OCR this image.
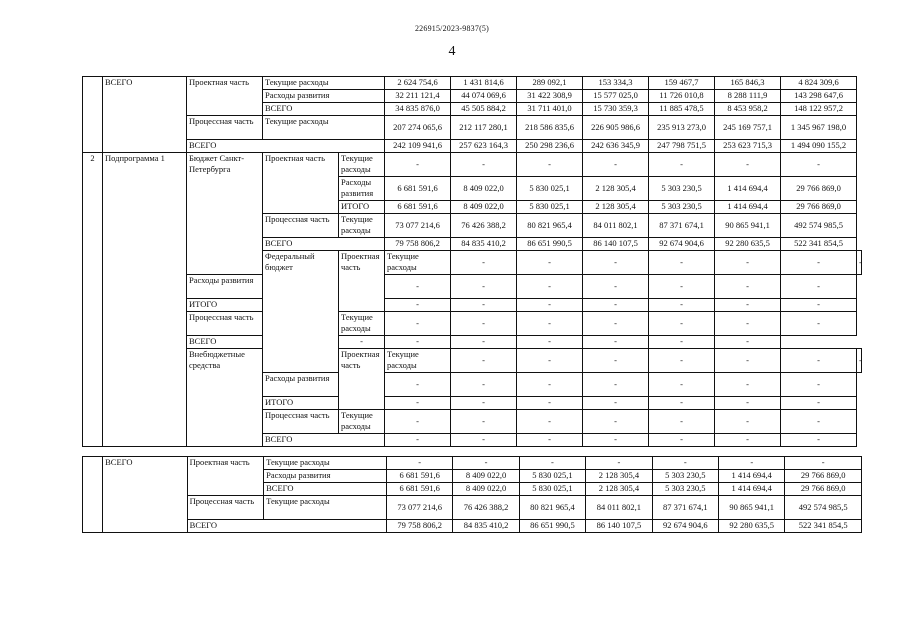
226915/2023-9837(5)
4
	ВСЕГО	Проектная часть	Текущие расходы		2 624 754,6	1 431 814,6	289 092,1	153 334,3	159 467,7	165 846,3	4 824 309,6	
			Расходы развития		32 211 121,4	44 074 069,6	31 422 308,9	15 577 025,0	11 726 010,8	8 288 111,9	143 298 647,6	
			ВСЕГО		34 835 876,0	45 505 884,2	31 711 401,0	15 730 359,3	11 885 478,5	8 453 958,2	148 122 957,2	
		Процессная часть	Текущие расходы		207 274 065,6	212 117 280,1	218 586 835,6	226 905 986,6	235 913 273,0	245 169 757,1	1 345 967 198,0	
		ВСЕГО			242 109 941,6	257 623 164,3	250 298 236,6	242 636 345,9	247 798 751,5	253 623 715,3	1 494 090 155,2	
2	Подпрограмма 1	Бюджет Санкт-Петербурга	Проектная часть	Текущие расходы	-	-	-	-	-	-	-	
				Расходы развития	6 681 591,6	8 409 022,0	5 830 025,1	2 128 305,4	5 303 230,5	1 414 694,4	29 766 869,0	
				ИТОГО	6 681 591,6	8 409 022,0	5 830 025,1	2 128 305,4	5 303 230,5	1 414 694,4	29 766 869,0	
			Процессная часть	Текущие расходы	73 077 214,6	76 426 388,2	80 821 965,4	84 011 802,1	87 371 674,1	90 865 941,1	492 574 985,5	
			ВСЕГО		79 758 806,2	84 835 410,2	86 651 990,5	86 140 107,5	92 674 904,6	92 280 635,5	522 341 854,5	
			Федеральный бюджет	Проектная часть	Текущие расходы	-	-	-	-	-	-	-
		Расходы развития			-	-	-	-	-	-	-	
		ИТОГО			-	-	-	-	-	-	-	
		Процессная часть		Текущие расходы	-	-	-	-	-	-	-	
		ВСЕГО		-	-	-	-	-	-	-		
		Внебюджетные средства		Проектная часть	Текущие расходы	-	-	-	-	-	-	-
			Расходы развития		-	-	-	-	-	-	-	
			ИТОГО		-	-	-	-	-	-	-	
			Процессная часть	Текущие расходы	-	-	-	-	-	-	-	
			ВСЕГО		-	-	-	-	-	-	-	
	ВСЕГО	Проектная часть	Текущие расходы	-	-	-	-	-	-	-
			Расходы развития	6 681 591,6	8 409 022,0	5 830 025,1	2 128 305,4	5 303 230,5	1 414 694,4	29 766 869,0
			ВСЕГО	6 681 591,6	8 409 022,0	5 830 025,1	2 128 305,4	5 303 230,5	1 414 694,4	29 766 869,0
		Процессная часть	Текущие расходы	73 077 214,6	76 426 388,2	80 821 965,4	84 011 802,1	87 371 674,1	90 865 941,1	492 574 985,5
		ВСЕГО		79 758 806,2	84 835 410,2	86 651 990,5	86 140 107,5	92 674 904,6	92 280 635,5	522 341 854,5
